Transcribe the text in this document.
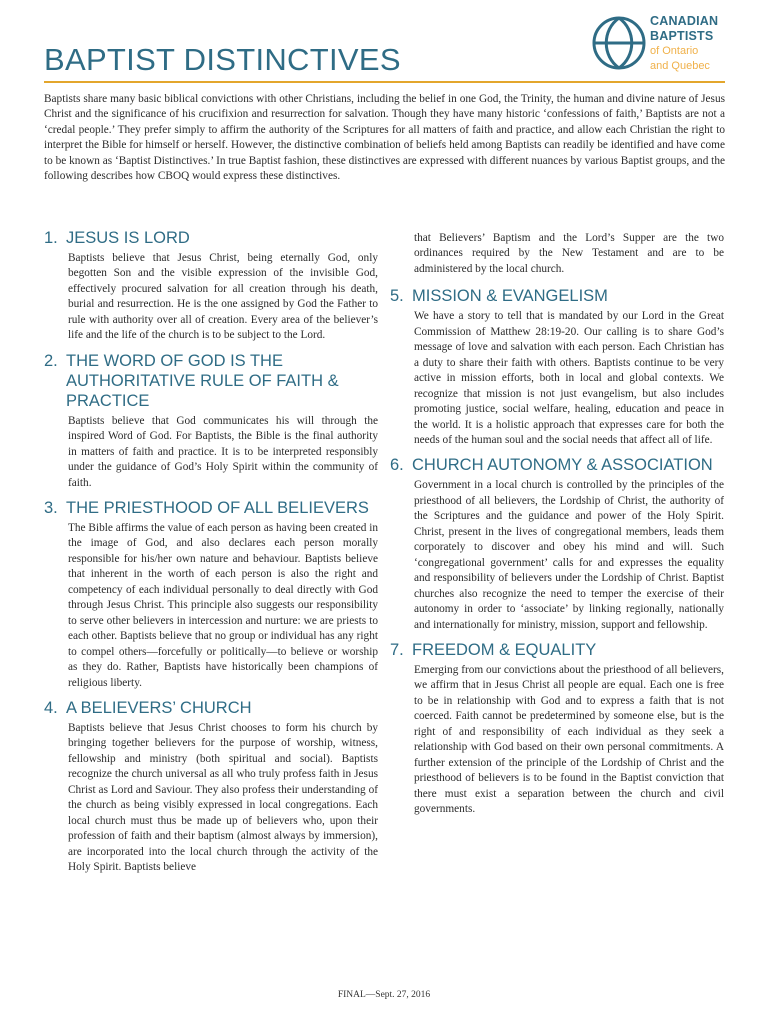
BAPTIST DISTINCTIVES
CANADIAN
BAPTISTS
of Ontario
and Quebec

Baptists share many basic biblical convictions with other Christians, including the belief in one God, the Trinity, the human and divine nature of Jesus Christ and the significance of his crucifixion and resurrection for salvation. Though they have many historic ‘confessions of faith,’ Baptists are not a ‘credal people.’ They prefer simply to affirm the authority of the Scriptures for all matters of faith and practice, and allow each Christian the right to interpret the Bible for himself or herself. However, the distinctive combination of beliefs held among Baptists can readily be identified and have come to be known as ‘Baptist Distinctives.’ In true Baptist fashion, these distinctives are expressed with different nuances by various Baptist groups, and the following describes how CBOQ would express these distinctives.

1. JESUS IS LORD

Baptists believe that Jesus Christ, being eternally God, only begotten Son and the visible expression of the invisible God, effectively procured salvation for all creation through his death, burial and resurrection. He is the one assigned by God the Father to rule with authority over all of creation. Every area of the believer’s life and the life of the church is to be subject to the Lord.

2. THE WORD OF GOD IS THE AUTHORITATIVE RULE OF FAITH & PRACTICE

Baptists believe that God communicates his will through the inspired Word of God. For Baptists, the Bible is the final authority in matters of faith and practice. It is to be interpreted responsibly under the guidance of God’s Holy Spirit within the community of faith.

3. THE PRIESTHOOD OF ALL BELIEVERS

The Bible affirms the value of each person as having been created in the image of God, and also declares each person morally responsible for his/her own nature and behaviour. Baptists believe that inherent in the worth of each person is also the right and competency of each individual personally to deal directly with God through Jesus Christ. This principle also suggests our responsibility to serve other believers in intercession and nurture: we are priests to each other. Baptists believe that no group or individual has any right to compel others—forcefully or politically—to believe or worship as they do. Rather, Baptists have historically been champions of religious liberty.

4. A BELIEVERS’ CHURCH

Baptists believe that Jesus Christ chooses to form his church by bringing together believers for the purpose of worship, witness, fellowship and ministry (both spiritual and social). Baptists recognize the church universal as all who truly profess faith in Jesus Christ as Lord and Saviour. They also profess their understanding of the church as being visibly expressed in local congregations. Each local church must thus be made up of believers who, upon their profession of faith and their baptism (almost always by immersion), are incorporated into the local church through the activity of the Holy Spirit. Baptists believe

that Believers’ Baptism and the Lord’s Supper are the two ordinances required by the New Testament and are to be administered by the local church.

5. MISSION & EVANGELISM

We have a story to tell that is mandated by our Lord in the Great Commission of Matthew 28:19-20. Our calling is to share God’s message of love and salvation with each person. Each Christian has a duty to share their faith with others. Baptists continue to be very active in mission efforts, both in local and global contexts. We recognize that mission is not just evangelism, but also includes promoting justice, social welfare, healing, education and peace in the world. It is a holistic approach that expresses care for both the needs of the human soul and the social needs that affect all of life.

6. CHURCH AUTONOMY & ASSOCIATION

Government in a local church is controlled by the principles of the priesthood of all believers, the Lordship of Christ, the authority of the Scriptures and the guidance and power of the Holy Spirit. Christ, present in the lives of congregational members, leads them corporately to discover and obey his mind and will. Such ‘congregational government’ calls for and expresses the equality and responsibility of believers under the Lordship of Christ. Baptist churches also recognize the need to temper the exercise of their autonomy in order to ‘associate’ by linking regionally, nationally and internationally for ministry, mission, support and fellowship.

7. FREEDOM & EQUALITY

Emerging from our convictions about the priesthood of all believers, we affirm that in Jesus Christ all people are equal. Each one is free to be in relationship with God and to express a faith that is not coerced. Faith cannot be predetermined by someone else, but is the right of and responsibility of each individual as they seek a relationship with God based on their own personal commitments. A further extension of the principle of the Lordship of Christ and the priesthood of believers is to be found in the Baptist conviction that there must exist a separation between the church and civil governments.

FINAL—Sept. 27, 2016
